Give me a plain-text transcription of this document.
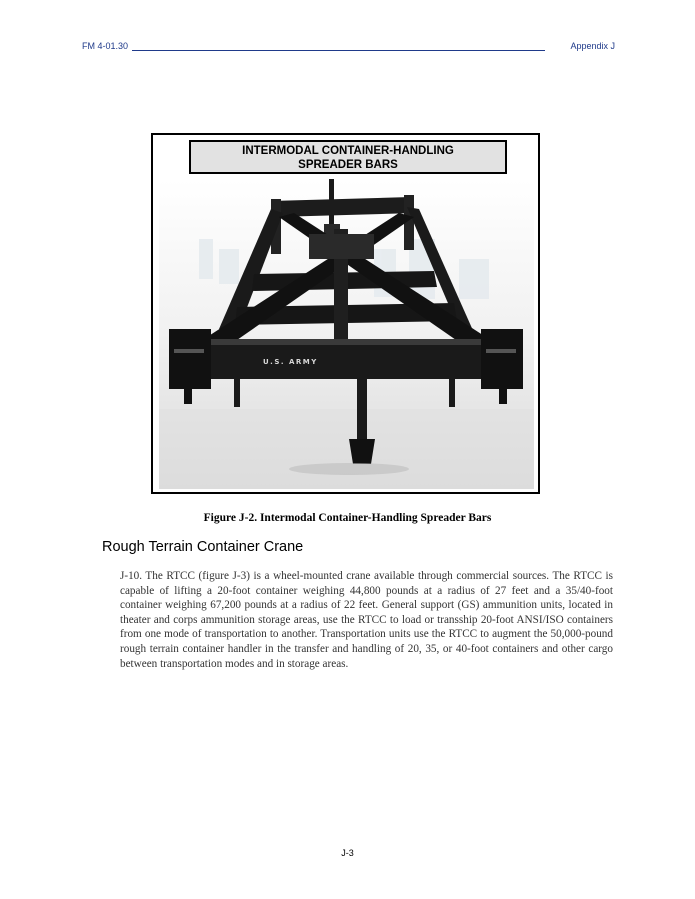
FM 4-01.30	Appendix J
INTERMODAL CONTAINER-HANDLING
SPREADER BARS
U.S. ARMY
Figure J-2. Intermodal Container-Handling Spreader Bars
Rough Terrain Container Crane

J-10. The RTCC (figure J-3) is a wheel-mounted crane available through commercial sources. The RTCC is capable of lifting a 20-foot container weighing 44,800 pounds at a radius of 27 feet and a 35/40-foot container weighing 67,200 pounds at a radius of 22 feet. General support (GS) ammunition units, located in theater and corps ammunition storage areas, use the RTCC to load or transship 20-foot ANSI/ISO containers from one mode of transportation to another. Transportation units use the RTCC to augment the 50,000-pound rough terrain container handler in the transfer and handling of 20, 35, or 40-foot containers and other cargo between transportation modes and in storage areas.

J-3
